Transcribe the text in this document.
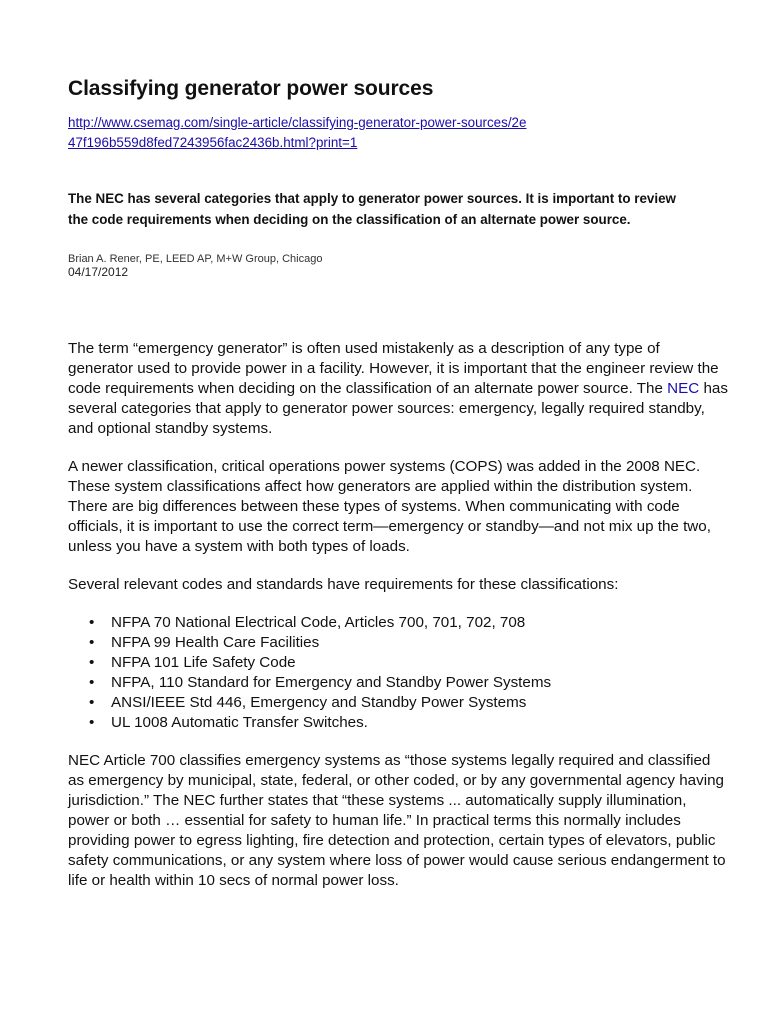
Classifying generator power sources
http://www.csemag.com/single-article/classifying-generator-power-sources/2e47f196b559d8fed7243956fac2436b.html?print=1
The NEC has several categories that apply to generator power sources. It is important to review the code requirements when deciding on the classification of an alternate power source.
Brian A. Rener, PE, LEED AP, M+W Group, Chicago
04/17/2012

The term “emergency generator” is often used mistakenly as a description of any type of generator used to provide power in a facility. However, it is important that the engineer review the code requirements when deciding on the classification of an alternate power source. The NEC has several categories that apply to generator power sources: emergency, legally required standby, and optional standby systems.

A newer classification, critical operations power systems (COPS) was added in the 2008 NEC. These system classifications affect how generators are applied within the distribution system. There are big differences between these types of systems. When communicating with code officials, it is important to use the correct term—emergency or standby—and not mix up the two, unless you have a system with both types of loads.

Several relevant codes and standards have requirements for these classifications:

• NFPA 70 National Electrical Code, Articles 700, 701, 702, 708
• NFPA 99 Health Care Facilities
• NFPA 101 Life Safety Code
• NFPA, 110 Standard for Emergency and Standby Power Systems
• ANSI/IEEE Std 446, Emergency and Standby Power Systems
• UL 1008 Automatic Transfer Switches.

NEC Article 700 classifies emergency systems as “those systems legally required and classified as emergency by municipal, state, federal, or other coded, or by any governmental agency having jurisdiction.” The NEC further states that “these systems ... automatically supply illumination, power or both … essential for safety to human life.” In practical terms this normally includes providing power to egress lighting, fire detection and protection, certain types of elevators, public safety communications, or any system where loss of power would cause serious endangerment to life or health within 10 secs of normal power loss.
